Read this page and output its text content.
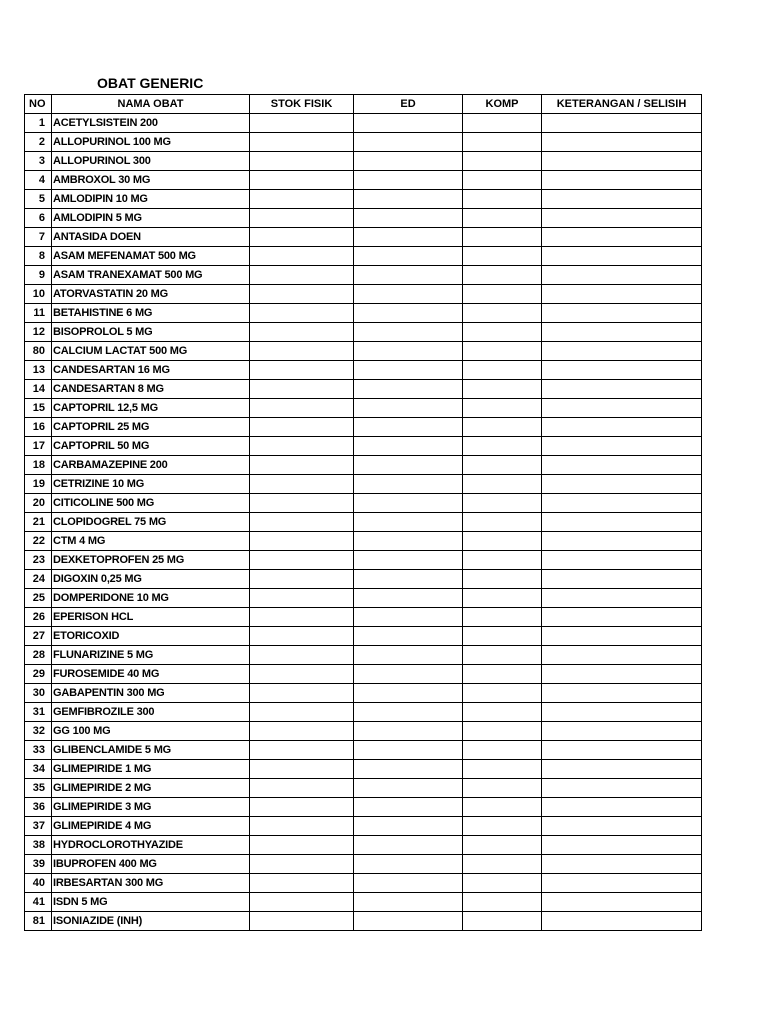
OBAT GENERIC
NO	NAMA OBAT	STOK FISIK	ED	KOMP	KETERANGAN / SELISIH
1	ACETYLSISTEIN 200				
2	ALLOPURINOL 100 MG				
3	ALLOPURINOL 300				
4	AMBROXOL 30 MG				
5	AMLODIPIN 10 MG				
6	AMLODIPIN 5 MG				
7	ANTASIDA DOEN				
8	ASAM MEFENAMAT 500 MG				
9	ASAM TRANEXAMAT 500 MG				
10	ATORVASTATIN 20 MG				
11	BETAHISTINE 6 MG				
12	BISOPROLOL 5 MG				
80	CALCIUM LACTAT 500 MG				
13	CANDESARTAN 16 MG				
14	CANDESARTAN 8 MG				
15	CAPTOPRIL 12,5 MG				
16	CAPTOPRIL 25 MG				
17	CAPTOPRIL 50 MG				
18	CARBAMAZEPINE 200				
19	CETRIZINE 10 MG				
20	CITICOLINE 500 MG				
21	CLOPIDOGREL 75 MG				
22	CTM 4 MG				
23	DEXKETOPROFEN 25 MG				
24	DIGOXIN 0,25 MG				
25	DOMPERIDONE 10 MG				
26	EPERISON HCL				
27	ETORICOXID				
28	FLUNARIZINE 5 MG				
29	FUROSEMIDE 40 MG				
30	GABAPENTIN 300 MG				
31	GEMFIBROZILE 300				
32	GG 100 MG				
33	GLIBENCLAMIDE 5 MG				
34	GLIMEPIRIDE 1 MG				
35	GLIMEPIRIDE 2 MG				
36	GLIMEPIRIDE 3 MG				
37	GLIMEPIRIDE 4 MG				
38	HYDROCLOROTHYAZIDE				
39	IBUPROFEN 400 MG				
40	IRBESARTAN 300 MG				
41	ISDN 5 MG				
81	ISONIAZIDE (INH)				
